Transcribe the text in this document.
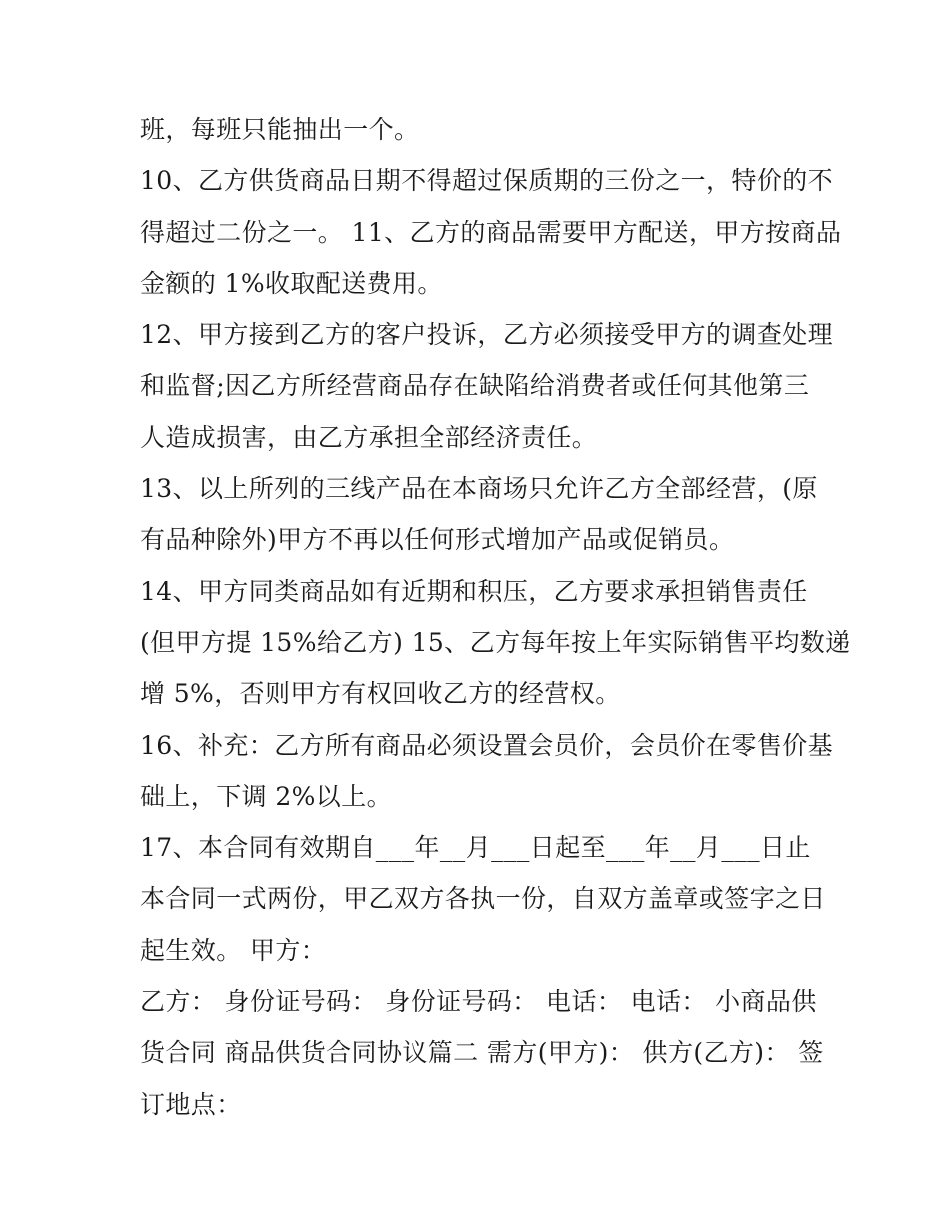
班，每班只能抽出一个。
10、乙方供货商品日期不得超过保质期的三份之一，特价的不
得超过二份之一。 11、乙方的商品需要甲方配送，甲方按商品
金额的 1%收取配送费用。
12、甲方接到乙方的客户投诉，乙方必须接受甲方的调查处理
和监督;因乙方所经营商品存在缺陷给消费者或任何其他第三
人造成损害，由乙方承担全部经济责任。
13、以上所列的三线产品在本商场只允许乙方全部经营，(原
有品种除外)甲方不再以任何形式增加产品或促销员。
14、甲方同类商品如有近期和积压，乙方要求承担销售责任
(但甲方提 15%给乙方) 15、乙方每年按上年实际销售平均数递
增 5%，否则甲方有权回收乙方的经营权。
16、补充：乙方所有商品必须设置会员价，会员价在零售价基
础上，下调 2%以上。
17、本合同有效期自___年__月___日起至___年__月___日止
本合同一式两份，甲乙双方各执一份，自双方盖章或签字之日
起生效。 甲方：
乙方： 身份证号码： 身份证号码： 电话： 电话： 小商品供
货合同 商品供货合同协议篇二 需方(甲方)： 供方(乙方)： 签
订地点：
